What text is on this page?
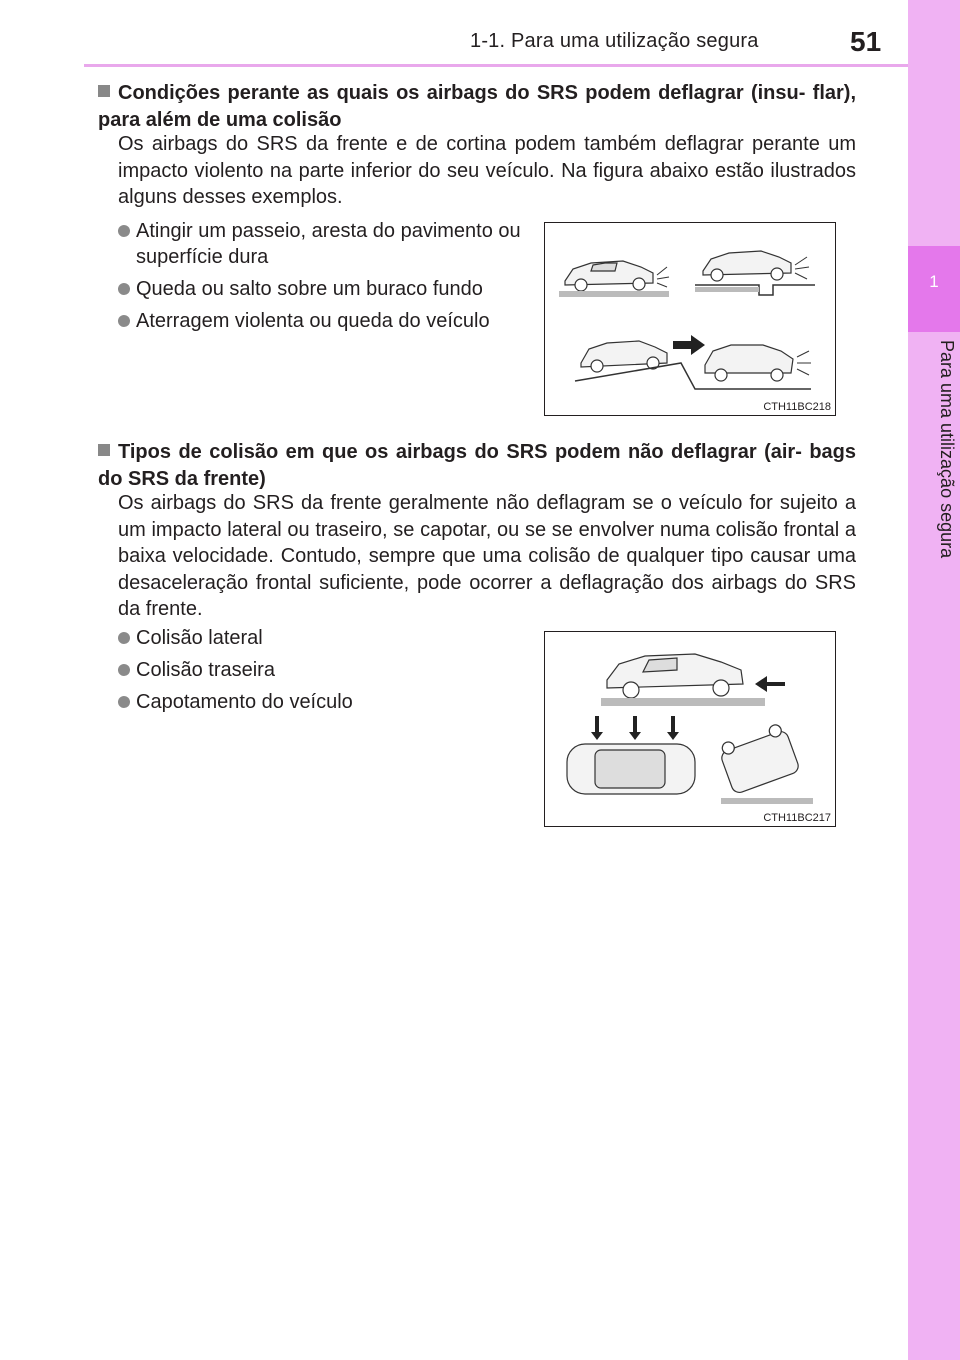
1-1. Para uma utilização segura	51
1
Para uma utilização segura
Condições perante as quais os airbags do SRS podem deflagrar (insu- flar), para além de uma colisão
Os airbags do SRS da frente e de cortina podem também deflagrar perante um impacto violento na parte inferior do seu veículo. Na figura abaixo estão ilustrados alguns desses exemplos.
Atingir um passeio, aresta do pavimento ou superfície dura
Queda ou salto sobre um buraco fundo
Aterragem violenta ou queda do veículo
CTH11BC218
Tipos de colisão em que os airbags do SRS podem não deflagrar (air- bags do SRS da frente)
Os airbags do SRS da frente geralmente não deflagram se o veículo for sujeito a um impacto lateral ou traseiro, se capotar, ou se se envolver numa colisão frontal a baixa velocidade. Contudo, sempre que uma colisão de qualquer tipo causar uma desaceleração frontal suficiente, pode ocorrer a deflagração dos airbags do SRS da frente.
Colisão lateral
Colisão traseira
Capotamento do veículo
CTH11BC217
